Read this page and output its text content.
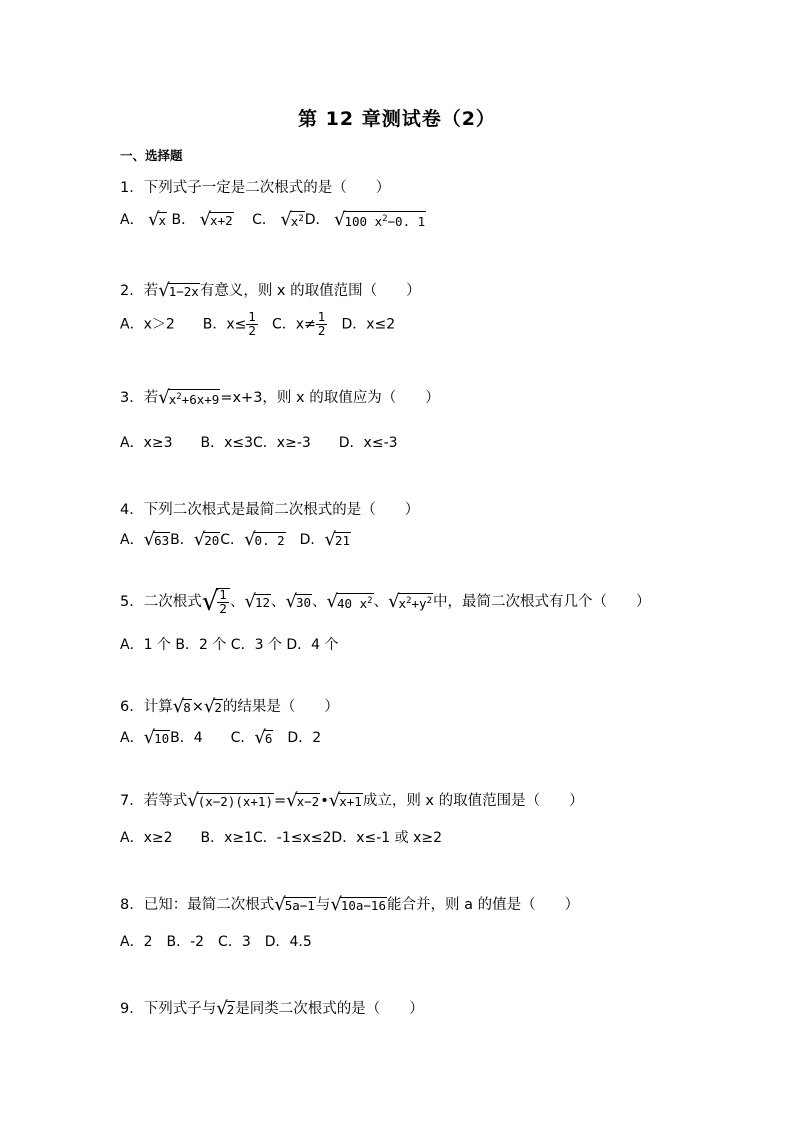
第 12 章测试卷（2）
一、选择题
1．下列式子一定是二次根式的是（　　）
A． √x B． √x+2 　C． $√x^2D$． √100 $x^2-0$. 1
2．若√1−2x有意义，则 x 的取值范围（　　）
A．x＞2　　B．$x\le \frac{1}{2}$ 　C．$x\ne \frac{1}{2}$ 　D．x≤2
3．若$√x^2+6x+9=x+3$，则 x 的取值应为（　　）
A．x≥3　　B．x≤3C．x≥-3　　D．x≤-3
4．下列二次根式是最简二次根式的是（　　）
A．√63B．√20C．√0. 2　D．√21
5．二次根式√ $\frac{1}{2}$ 、√12、√30、√40 $x^2$、$√x^2+y^2$中，最简二次根式有几个（　　）
A．1 个 B．2 个 C．3 个 D．4 个
6．计算√8×√2的结果是（　　）
A．√10B．4　　C．√6　D．2
7．若等式√(x−2)(x+1)=√x−2•√x+1成立，则 x 的取值范围是（　　）
A．x≥2　　B．x≥1C．-1≤x≤2D．x≤-1 或 x≥2
8．已知：最简二次根式√5a−1与√10a−16能合并，则 a 的值是（　　）
A．2　B．-2　C．3　D．4.5
9．下列式子与√2是同类二次根式的是（　　）
